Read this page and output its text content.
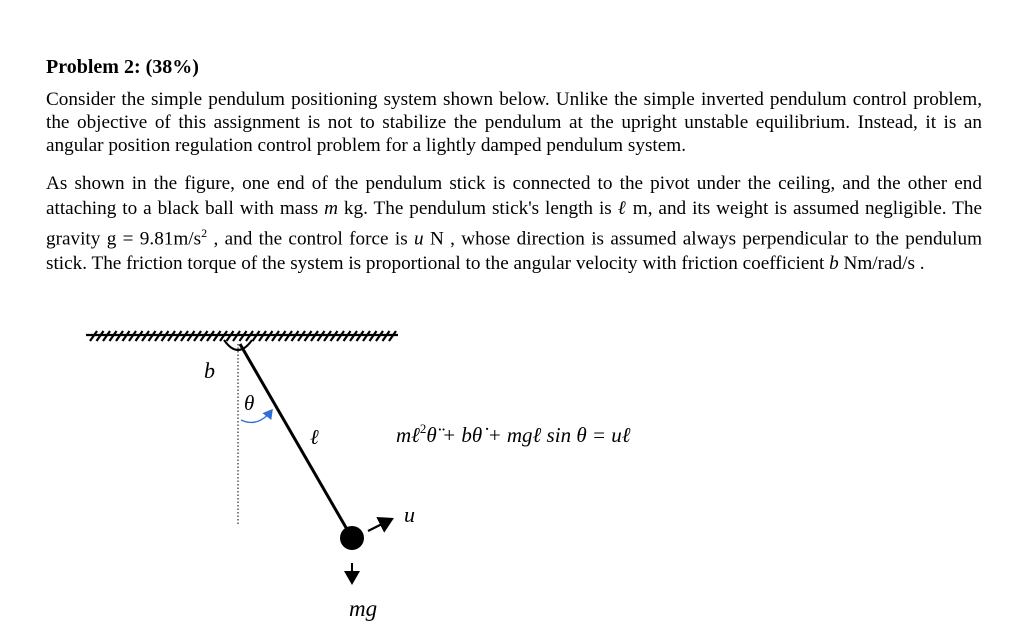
Problem 2: (38%)
Consider the simple pendulum positioning system shown below. Unlike the simple inverted pendulum control problem, the objective of this assignment is not to stabilize the pendulum at the upright unstable equilibrium. Instead, it is an angular position regulation control problem for a lightly damped pendulum system.
As shown in the figure, one end of the pendulum stick is connected to the pivot under the ceiling, and the other end attaching to a black ball with mass m kg. The pendulum stick's length is ℓ m, and its weight is assumed negligible. The gravity $g = 9.81m/s^2$ , and the control force is u N , whose direction is assumed always perpendicular to the pendulum stick. The friction torque of the system is proportional to the angular velocity with friction coefficient b Nm/rad/s .
b
θ
ℓ
u
mg
mℓ$^2$θ̈ + bθ̇ + mgℓ sin θ = uℓ
